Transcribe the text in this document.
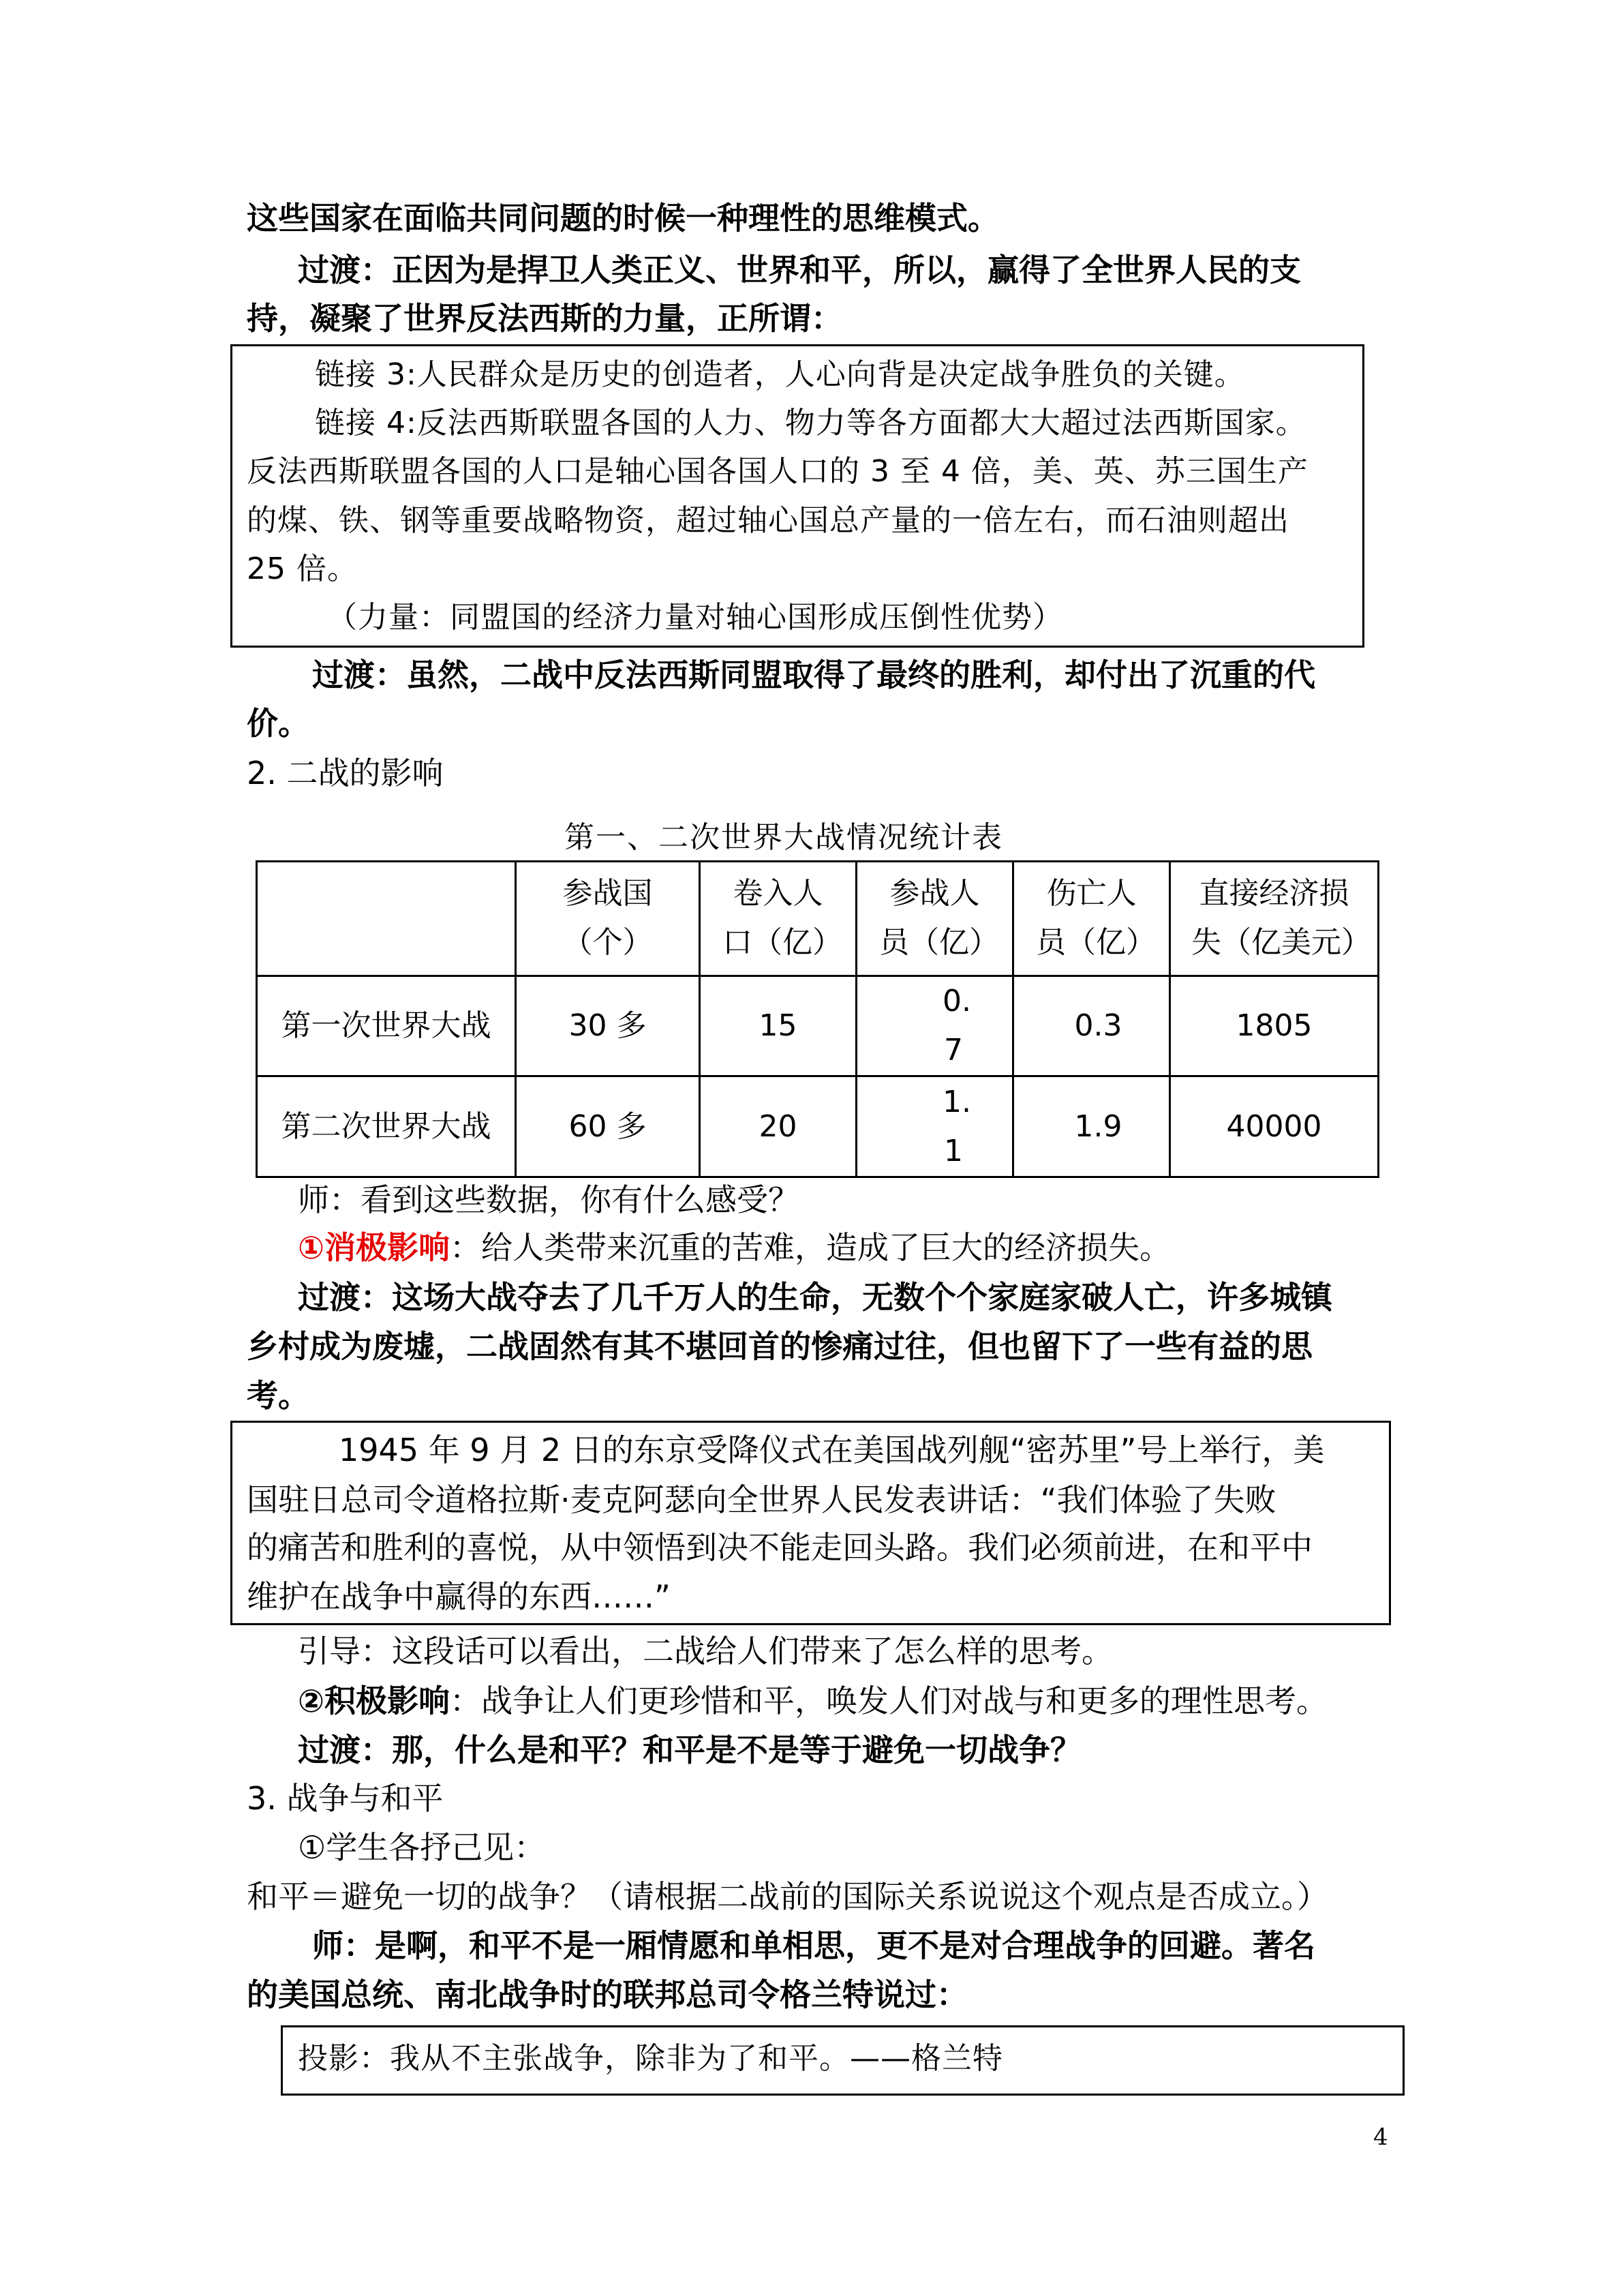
这些国家在面临共同问题的时候一种理性的思维模式。
过渡：正因为是捍卫人类正义、世界和平，所以，赢得了全世界人民的支
持，凝聚了世界反法西斯的力量，正所谓：
链接 3:人民群众是历史的创造者，人心向背是决定战争胜负的关键。
链接 4:反法西斯联盟各国的人力、物力等各方面都大大超过法西斯国家。
反法西斯联盟各国的人口是轴心国各国人口的 3 至 4 倍，美、英、苏三国生产
的煤、铁、钢等重要战略物资，超过轴心国总产量的一倍左右，而石油则超出
25 倍。
（力量：同盟国的经济力量对轴心国形成压倒性优势）
过渡：虽然，二战中反法西斯同盟取得了最终的胜利，却付出了沉重的代
价。
2. 二战的影响
第一、二次世界大战情况统计表
	参战国（个）	卷入人口（亿）	参战人员（亿）	伤亡人员（亿）	直接经济损失（亿美元）
第一次世界大战	30 多	15	0.7	0.3	1805
第二次世界大战	60 多	20	1.1	1.9	40000
师：看到这些数据，你有什么感受？
①消极影响：给人类带来沉重的苦难，造成了巨大的经济损失。
过渡：这场大战夺去了几千万人的生命，无数个个家庭家破人亡，许多城镇
乡村成为废墟，二战固然有其不堪回首的惨痛过往，但也留下了一些有益的思
考。
1945 年 9 月 2 日的东京受降仪式在美国战列舰“密苏里”号上举行，美
国驻日总司令道格拉斯·麦克阿瑟向全世界人民发表讲话：“我们体验了失败
的痛苦和胜利的喜悦，从中领悟到决不能走回头路。我们必须前进，在和平中
维护在战争中赢得的东西……”
引导：这段话可以看出，二战给人们带来了怎么样的思考。
②积极影响：战争让人们更珍惜和平，唤发人们对战与和更多的理性思考。
过渡：那，什么是和平？和平是不是等于避免一切战争？
3. 战争与和平
①学生各抒己见：
和平＝避免一切的战争？（请根据二战前的国际关系说说这个观点是否成立。）
师：是啊，和平不是一厢情愿和单相思，更不是对合理战争的回避。著名
的美国总统、南北战争时的联邦总司令格兰特说过：
投影：我从不主张战争，除非为了和平。——格兰特
4
